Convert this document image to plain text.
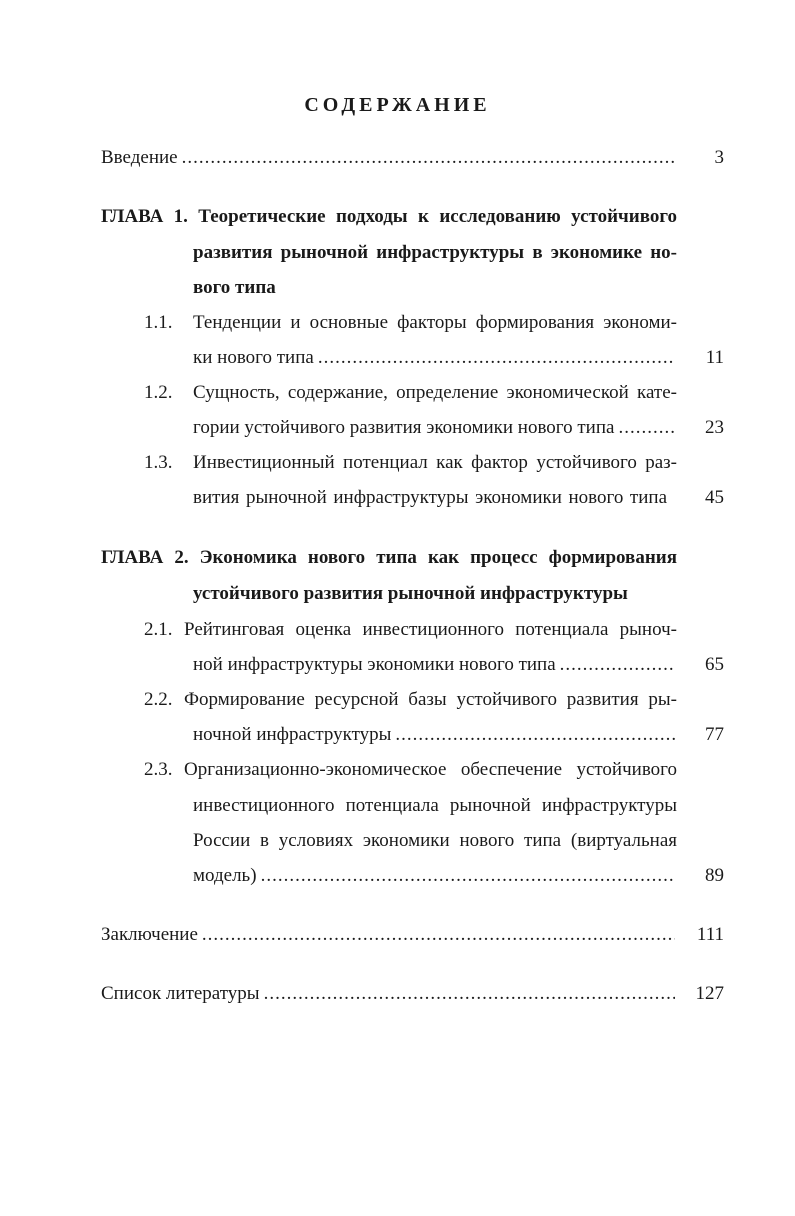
СОДЕРЖАНИЕ
Введение .....	3
ГЛАВА 1. Теоретические подходы к исследованию устойчивого
развития рыночной инфраструктуры в экономике но-
вого типа
1.1. Тенденции и основные факторы формирования экономи-
ки нового типа .....	11
1.2. Сущность, содержание, определение экономической кате-
гории устойчивого развития экономики нового типа .....	23
1.3. Инвестиционный потенциал как фактор устойчивого раз-
вития рыночной инфраструктуры экономики нового типа	45
ГЛАВА 2. Экономика нового типа как процесс формирования
устойчивого развития рыночной инфраструктуры
2.1. Рейтинговая оценка инвестиционного потенциала рыноч-
ной инфраструктуры экономики нового типа .....	65
2.2. Формирование ресурсной базы устойчивого развития ры-
ночной инфраструктуры .....	77
2.3. Организационно-экономическое обеспечение устойчивого
инвестиционного потенциала рыночной инфраструктуры
России в условиях экономики нового типа (виртуальная
модель) .....	89
Заключение .....	111
Список литературы .....	127
